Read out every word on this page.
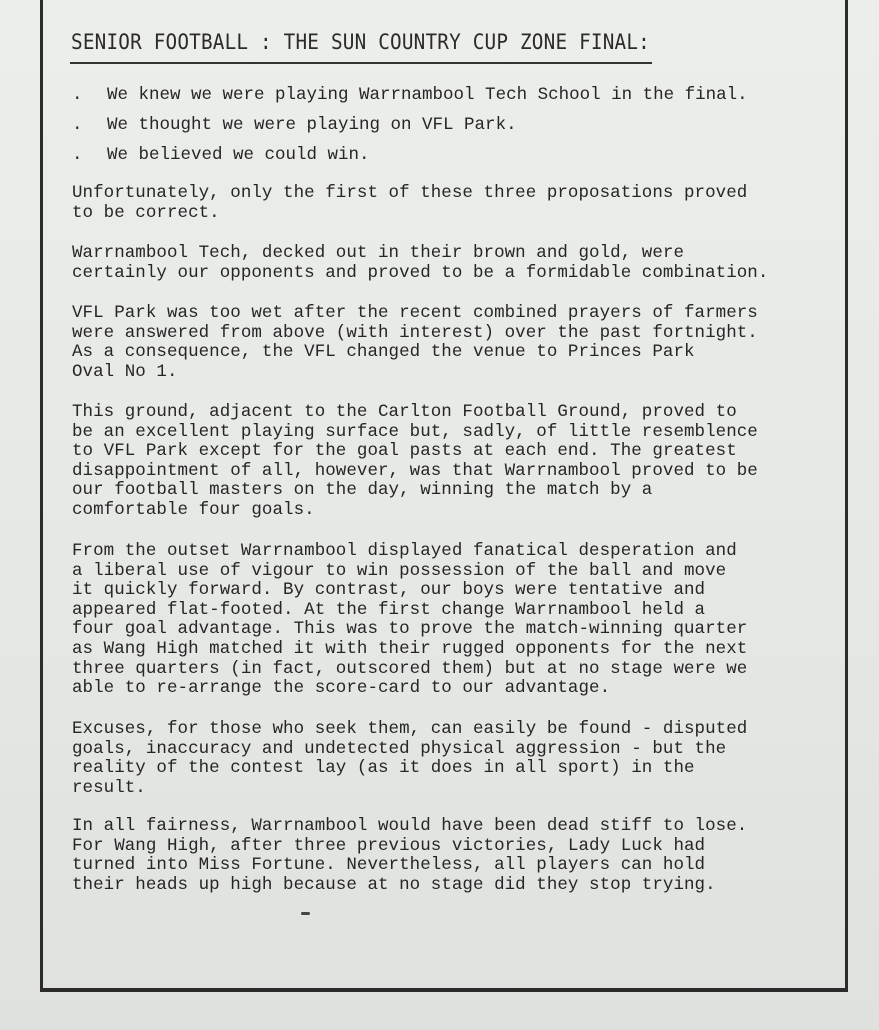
SENIOR FOOTBALL : THE SUN COUNTRY CUP ZONE FINAL:
. We knew we were playing Warrnambool Tech School in the final.
. We thought we were playing on VFL Park.
. We believed we could win.

Unfortunately, only the first of these three proposations proved
to be correct.

Warrnambool Tech, decked out in their brown and gold, were
certainly our opponents and proved to be a formidable combination.

VFL Park was too wet after the recent combined prayers of farmers
were answered from above (with interest) over the past fortnight.
As a consequence, the VFL changed the venue to Princes Park
Oval No 1.

This ground, adjacent to the Carlton Football Ground, proved to
be an excellent playing surface but, sadly, of little resemblence
to VFL Park except for the goal pasts at each end. The greatest
disappointment of all, however, was that Warrnambool proved to be
our football masters on the day, winning the match by a
comfortable four goals.

From the outset Warrnambool displayed fanatical desperation and
a liberal use of vigour to win possession of the ball and move
it quickly forward. By contrast, our boys were tentative and
appeared flat-footed. At the first change Warrnambool held a
four goal advantage. This was to prove the match-winning quarter
as Wang High matched it with their rugged opponents for the next
three quarters (in fact, outscored them) but at no stage were we
able to re-arrange the score-card to our advantage.

Excuses, for those who seek them, can easily be found - disputed
goals, inaccuracy and undetected physical aggression - but the
reality of the contest lay (as it does in all sport) in the
result.

In all fairness, Warrnambool would have been dead stiff to lose.
For Wang High, after three previous victories, Lady Luck had
turned into Miss Fortune. Nevertheless, all players can hold
their heads up high because at no stage did they stop trying.
